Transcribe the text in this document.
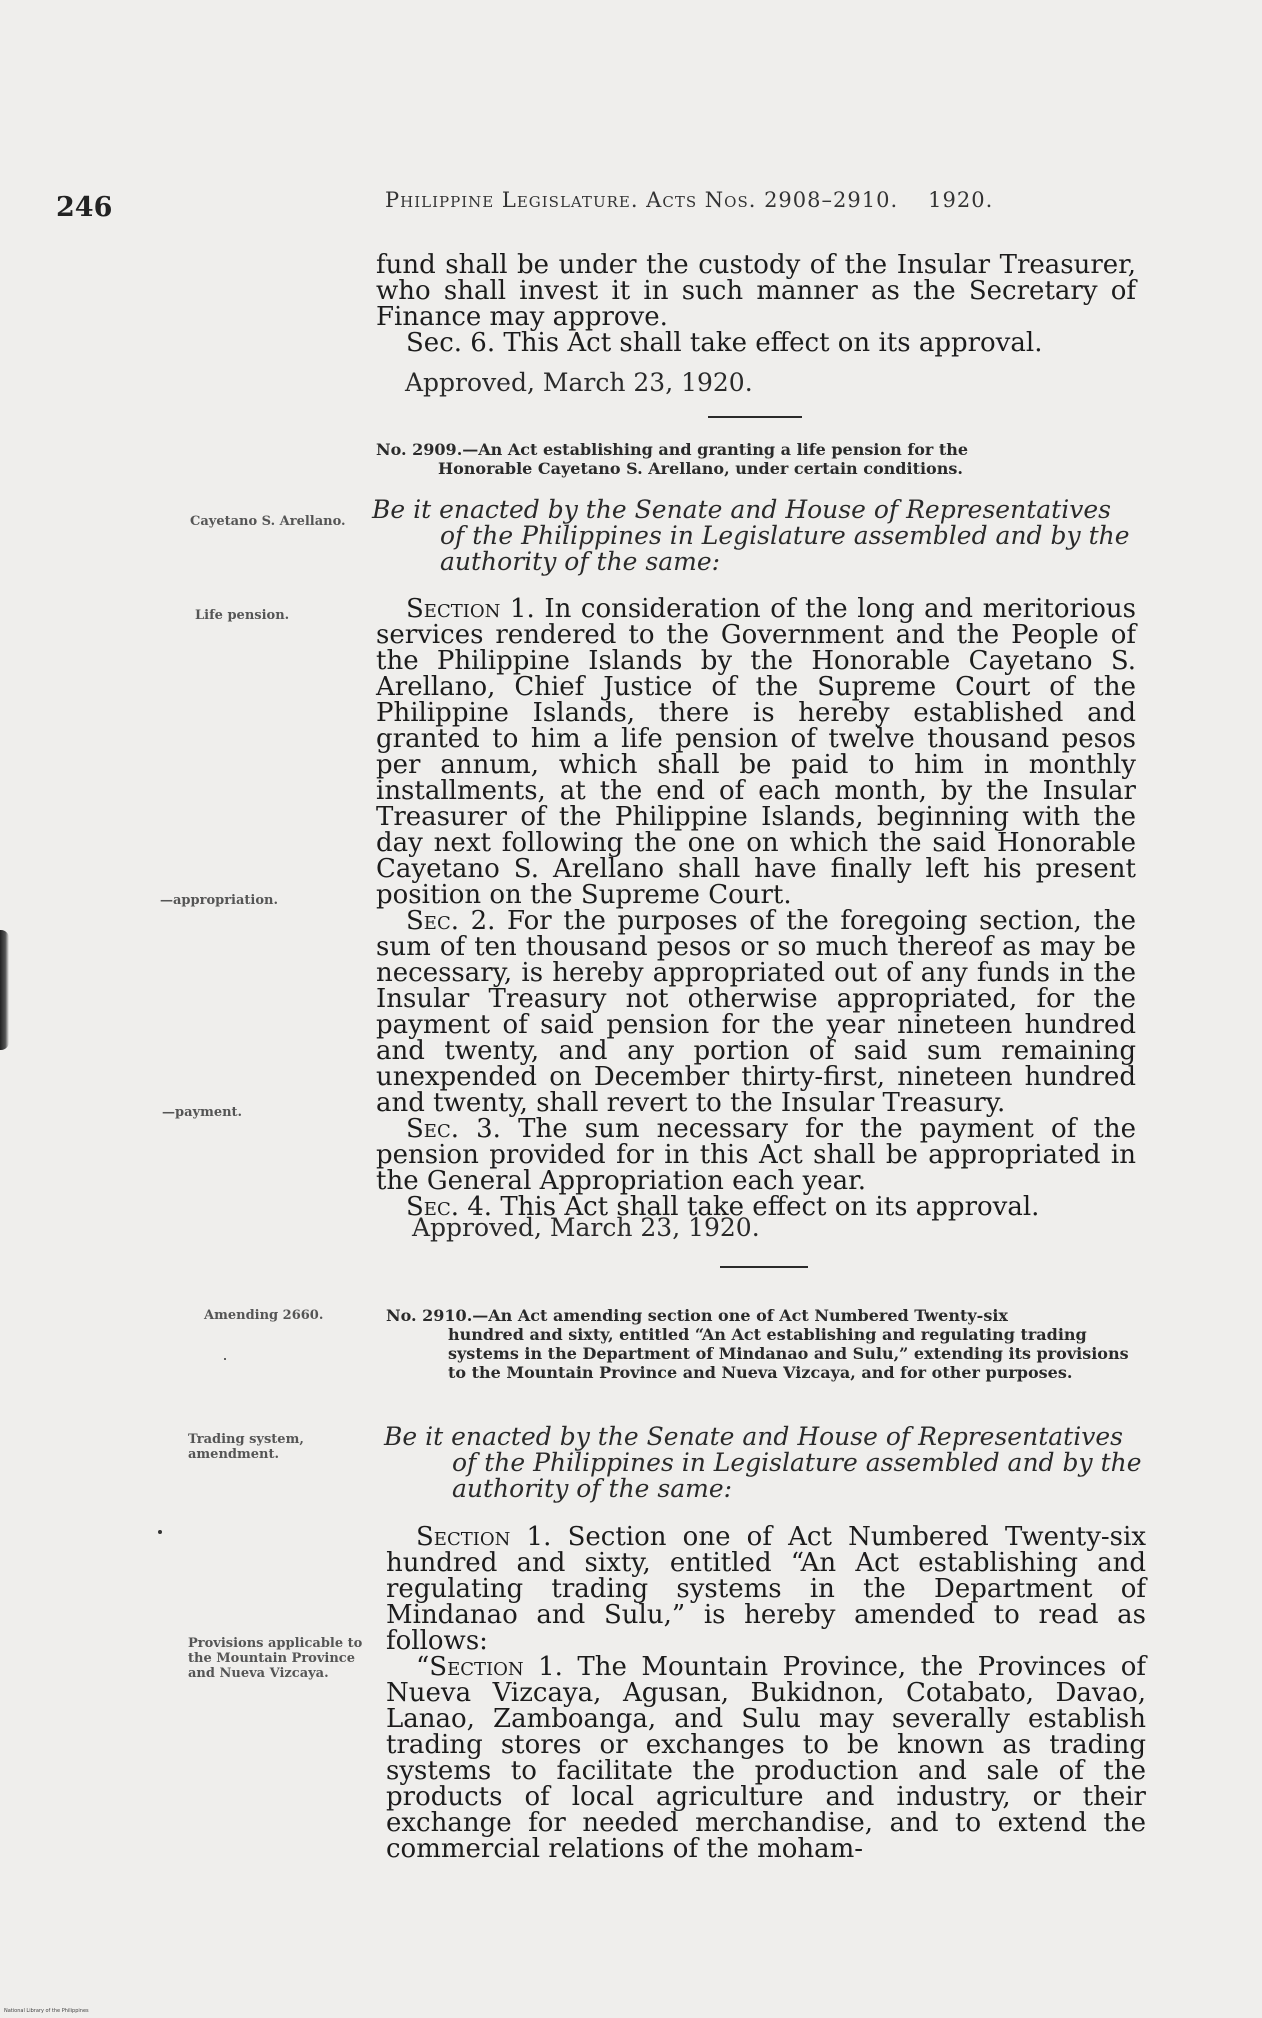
246	Philippine Legislature. Acts Nos. 2908–2910. 1920.

fund shall be under the custody of the Insular Treasurer, who shall invest it in such manner as the Secretary of Finance may approve.

Sec. 6. This Act shall take effect on its approval.

Approved, March 23, 1920.
No. 2909.—An Act establishing and granting a life pension for the
Honorable Cayetano S. Arellano, under certain conditions.
Cayetano S. Arellano.	Be it enacted by the Senate and House of Representatives
of the Philippines in Legislature assembled and by the
authority of the same:
Life pension.	Section 1. In consideration of the long and meritorious services rendered to the Government and the People of the Philippine Islands by the Honorable Cayetano S. Arellano, Chief Justice of the Supreme Court of the Philippine Islands, there is hereby established and granted to him a life pension of twelve thousand pesos per annum, which shall be paid to him in monthly installments, at the end of each month, by the Insular Treasurer of the Philippine Islands, beginning with the day next following the one on which the said Honorable Cayetano S. Arellano shall have finally left his present position on the Supreme Court.

Sec. 2. For the purposes of the foregoing section, the sum of ten thousand pesos or so much thereof as may be necessary, is hereby appropriated out of any funds in the Insular Treasury not otherwise appropriated, for the payment of said pension for the year nineteen hundred and twenty, and any portion of said sum remaining unexpended on December thirty-first, nineteen hundred and twenty, shall revert to the Insular Treasury.

Sec. 3. The sum necessary for the payment of the pension provided for in this Act shall be appropriated in the General Appropriation each year.

Sec. 4. This Act shall take effect on its approval.

—appropriation.
—payment.
Approved, March 23, 1920.
Amending 2660.	No. 2910.—An Act amending section one of Act Numbered Twenty-six
hundred and sixty, entitled “An Act establishing and regulating trading systems in the Department of Mindanao and Sulu,” extending its provisions to the Mountain Province and Nueva Vizcaya, and for other purposes.
Trading system, amendment.
Be it enacted by the Senate and House of Representatives
of the Philippines in Legislature assembled and by the
authority of the same:

Section 1. Section one of Act Numbered Twenty-six hundred and sixty, entitled “An Act establishing and regulating trading systems in the Department of Mindanao and Sulu,” is hereby amended to read as follows:

“Section 1. The Mountain Province, the Provinces of Nueva Vizcaya, Agusan, Bukidnon, Cotabato, Davao, Lanao, Zamboanga, and Sulu may severally establish trading stores or exchanges to be known as trading systems to facilitate the production and sale of the products of local agriculture and industry, or their exchange for needed merchandise, and to extend the commercial relations of the moham-

Provisions applicable to the Mountain Province and Nueva Vizcaya.
National Library of the Philippines
